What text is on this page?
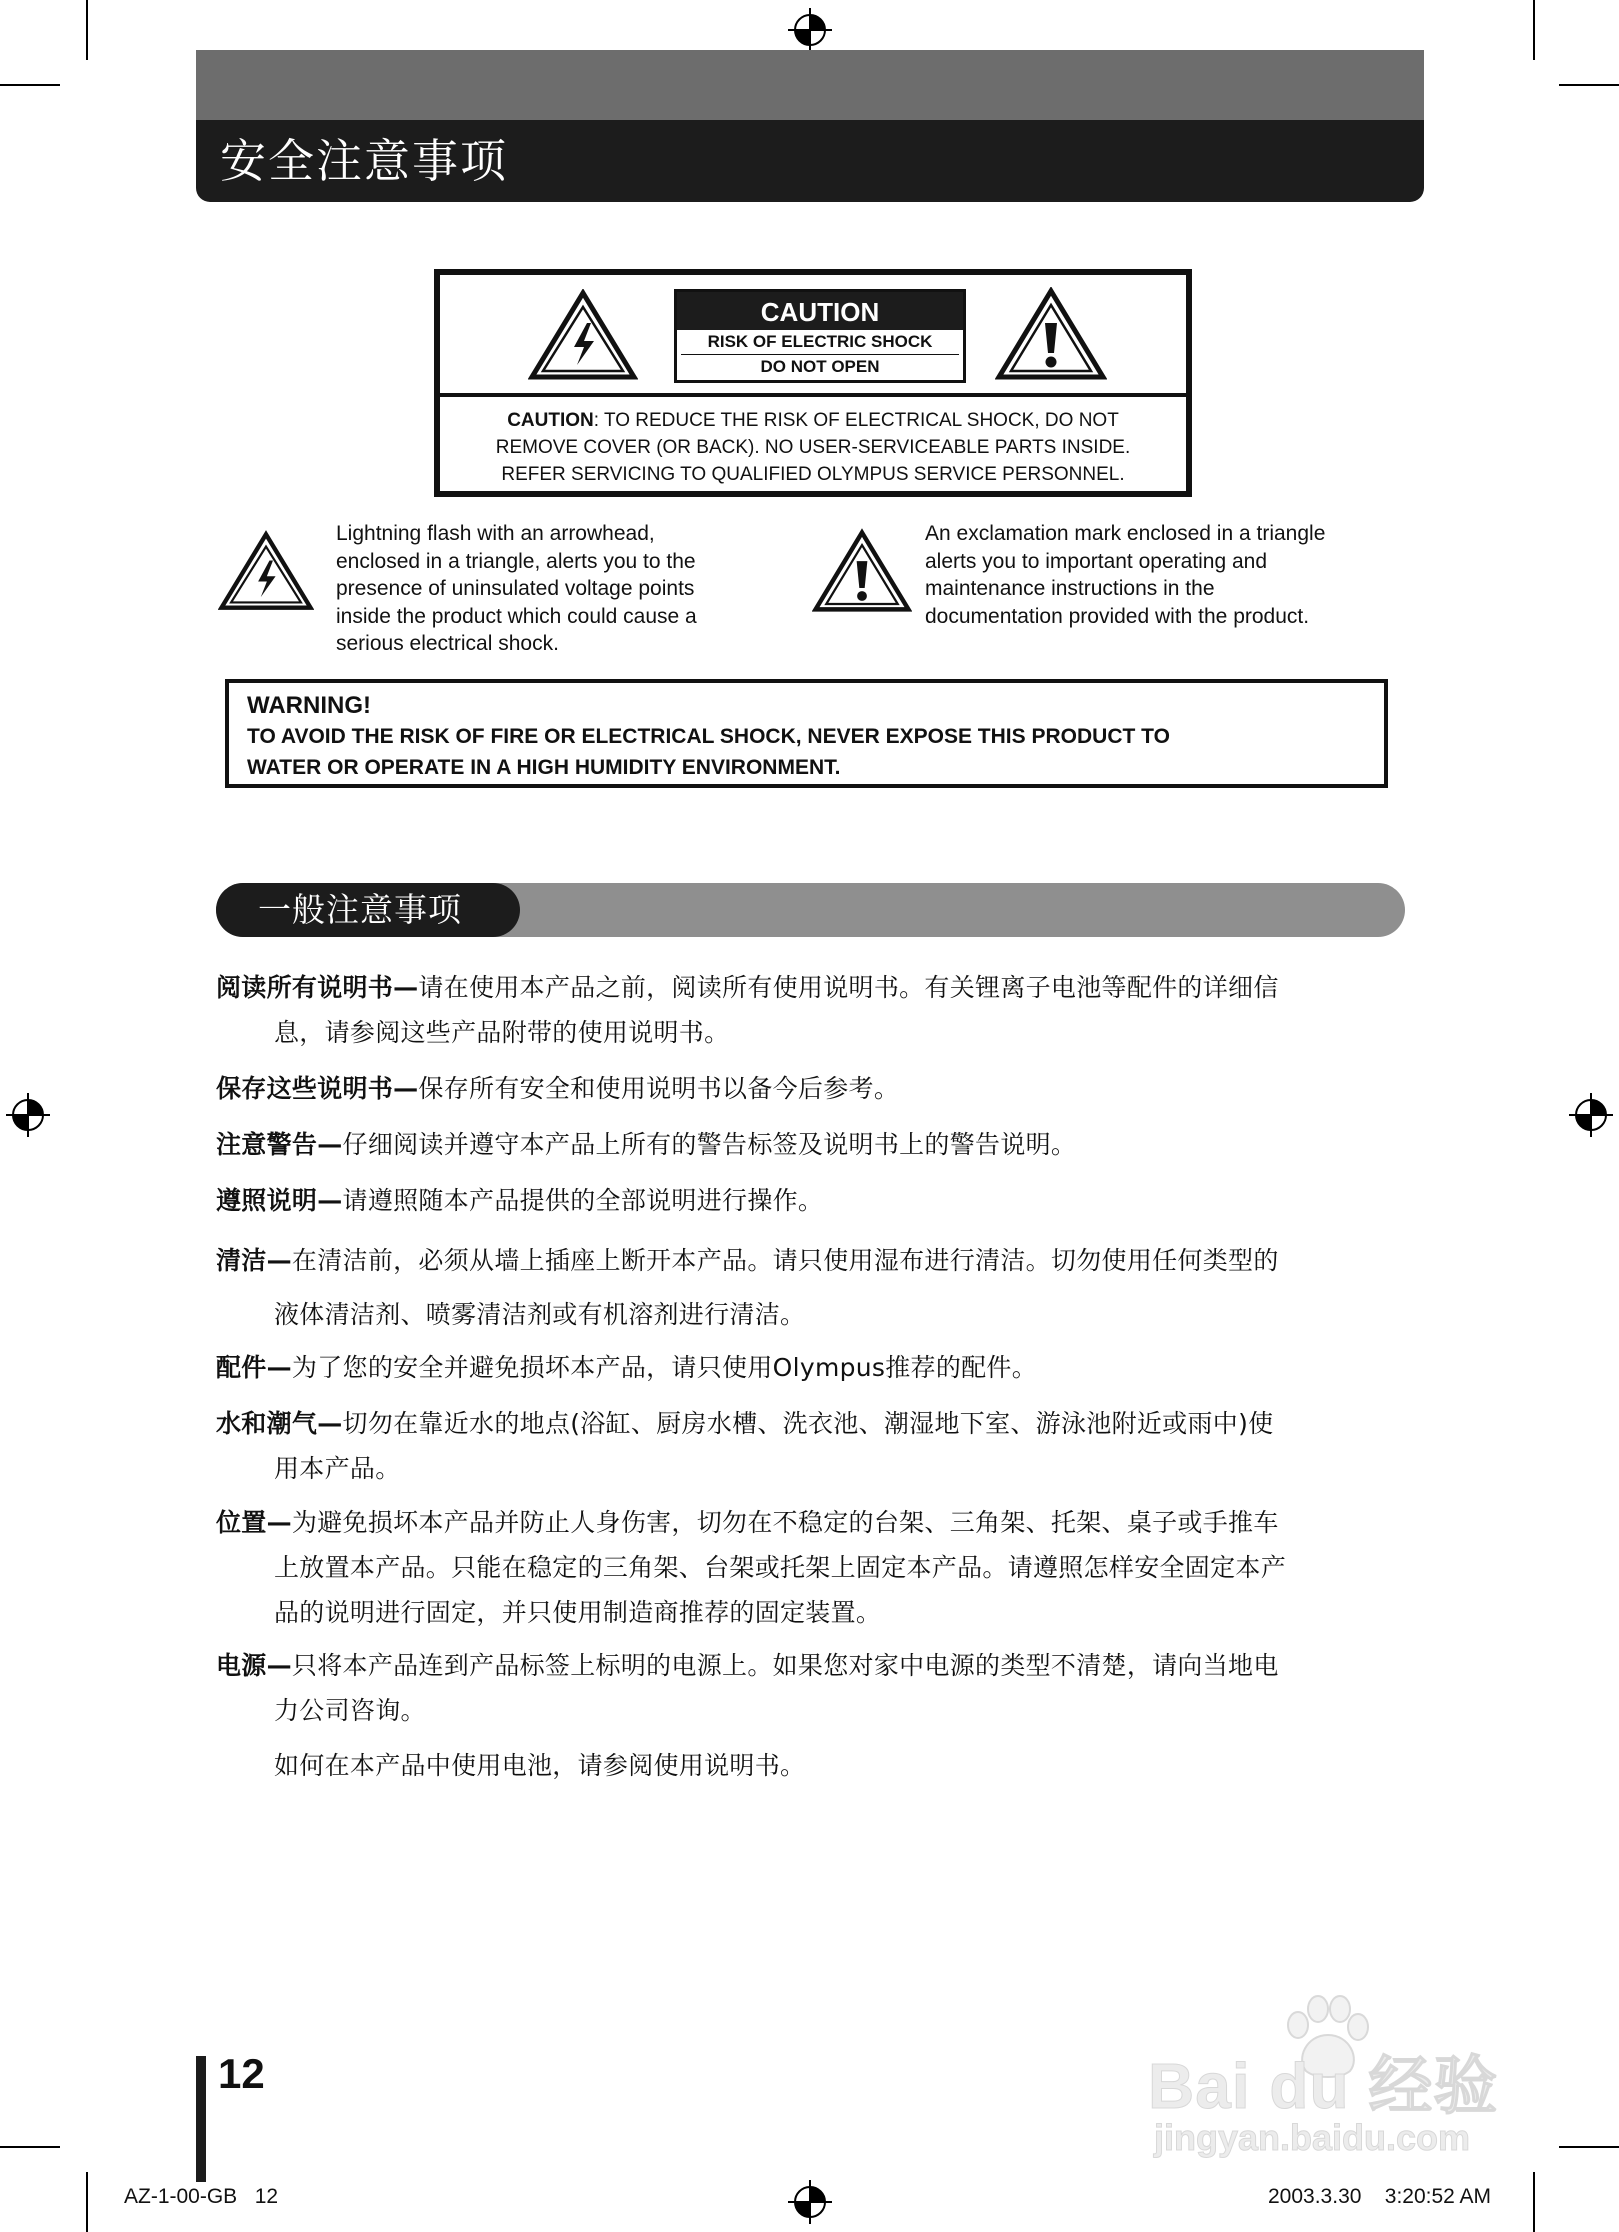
安全注意事项
CAUTION
RISK OF ELECTRIC SHOCK
DO NOT OPEN
CAUTION: TO REDUCE THE RISK OF ELECTRICAL SHOCK, DO NOT
REMOVE COVER (OR BACK). NO USER-SERVICEABLE PARTS INSIDE.
REFER SERVICING TO QUALIFIED OLYMPUS SERVICE PERSONNEL.
Lightning flash with an arrowhead,
enclosed in a triangle, alerts you to the
presence of uninsulated voltage points
inside the product which could cause a
serious electrical shock.
An exclamation mark enclosed in a triangle
alerts you to important operating and
maintenance instructions in the
documentation provided with the product.
WARNING!
TO AVOID THE RISK OF FIRE OR ELECTRICAL SHOCK, NEVER EXPOSE THIS PRODUCT TO
WATER OR OPERATE IN A HIGH HUMIDITY ENVIRONMENT.
一般注意事项
阅读所有说明书—请在使用本产品之前，阅读所有使用说明书。有关锂离子电池等配件的详细信
息，请参阅这些产品附带的使用说明书。
保存这些说明书—保存所有安全和使用说明书以备今后参考。
注意警告—仔细阅读并遵守本产品上所有的警告标签及说明书上的警告说明。
遵照说明—请遵照随本产品提供的全部说明进行操作。
清洁—在清洁前，必须从墙上插座上断开本产品。请只使用湿布进行清洁。切勿使用任何类型的
液体清洁剂、喷雾清洁剂或有机溶剂进行清洁。
配件—为了您的安全并避免损坏本产品，请只使用Olympus推荐的配件。
水和潮气—切勿在靠近水的地点(浴缸、厨房水槽、洗衣池、潮湿地下室、游泳池附近或雨中)使
用本产品。
位置—为避免损坏本产品并防止人身伤害，切勿在不稳定的台架、三角架、托架、桌子或手推车
上放置本产品。只能在稳定的三角架、台架或托架上固定本产品。请遵照怎样安全固定本产
品的说明进行固定，并只使用制造商推荐的固定装置。
电源—只将本产品连到产品标签上标明的电源上。如果您对家中电源的类型不清楚，请向当地电
力公司咨询。
如何在本产品中使用电池，请参阅使用说明书。
12	Bai du 经验
jingyan.baidu.com
AZ-1-00-GB   12	2003.3.30    3:20:52 AM
